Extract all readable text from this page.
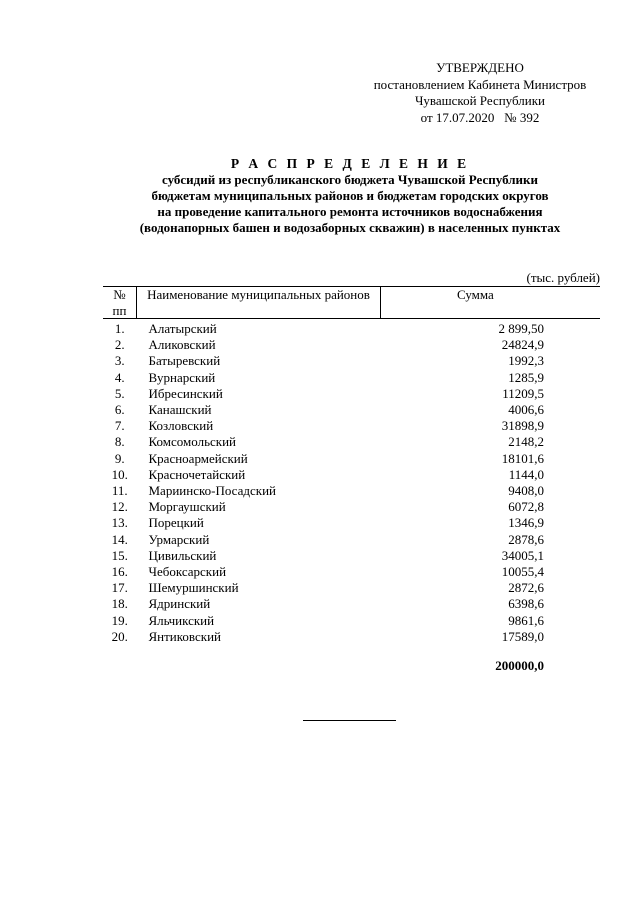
УТВЕРЖДЕНО
постановлением Кабинета Министров
Чувашской Республики
от 17.07.2020   № 392
Р А С П Р Е Д Е Л Е Н И Е
субсидий из республиканского бюджета Чувашской Республики
бюджетам муниципальных районов и бюджетам городских округов
на проведение капитального ремонта источников водоснабжения
(водонапорных башен и водозаборных скважин) в населенных пунктах
(тыс. рублей)
№
пп	Наименование муниципальных районов	Сумма
1.	Алатырский	2 899,50
2.	Аликовский	24824,9
3.	Батыревский	1992,3
4.	Вурнарский	1285,9
5.	Ибресинский	11209,5
6.	Канашский	4006,6
7.	Козловский	31898,9
8.	Комсомольский	2148,2
9.	Красноармейский	18101,6
10.	Красночетайский	1144,0
11.	Мариинско-Посадский	9408,0
12.	Моргаушский	6072,8
13.	Порецкий	1346,9
14.	Урмарский	2878,6
15.	Цивильский	34005,1
16.	Чебоксарский	10055,4
17.	Шемуршинский	2872,6
18.	Ядринский	6398,6
19.	Яльчикский	9861,6
20.	Янтиковский	17589,0
200000,0
